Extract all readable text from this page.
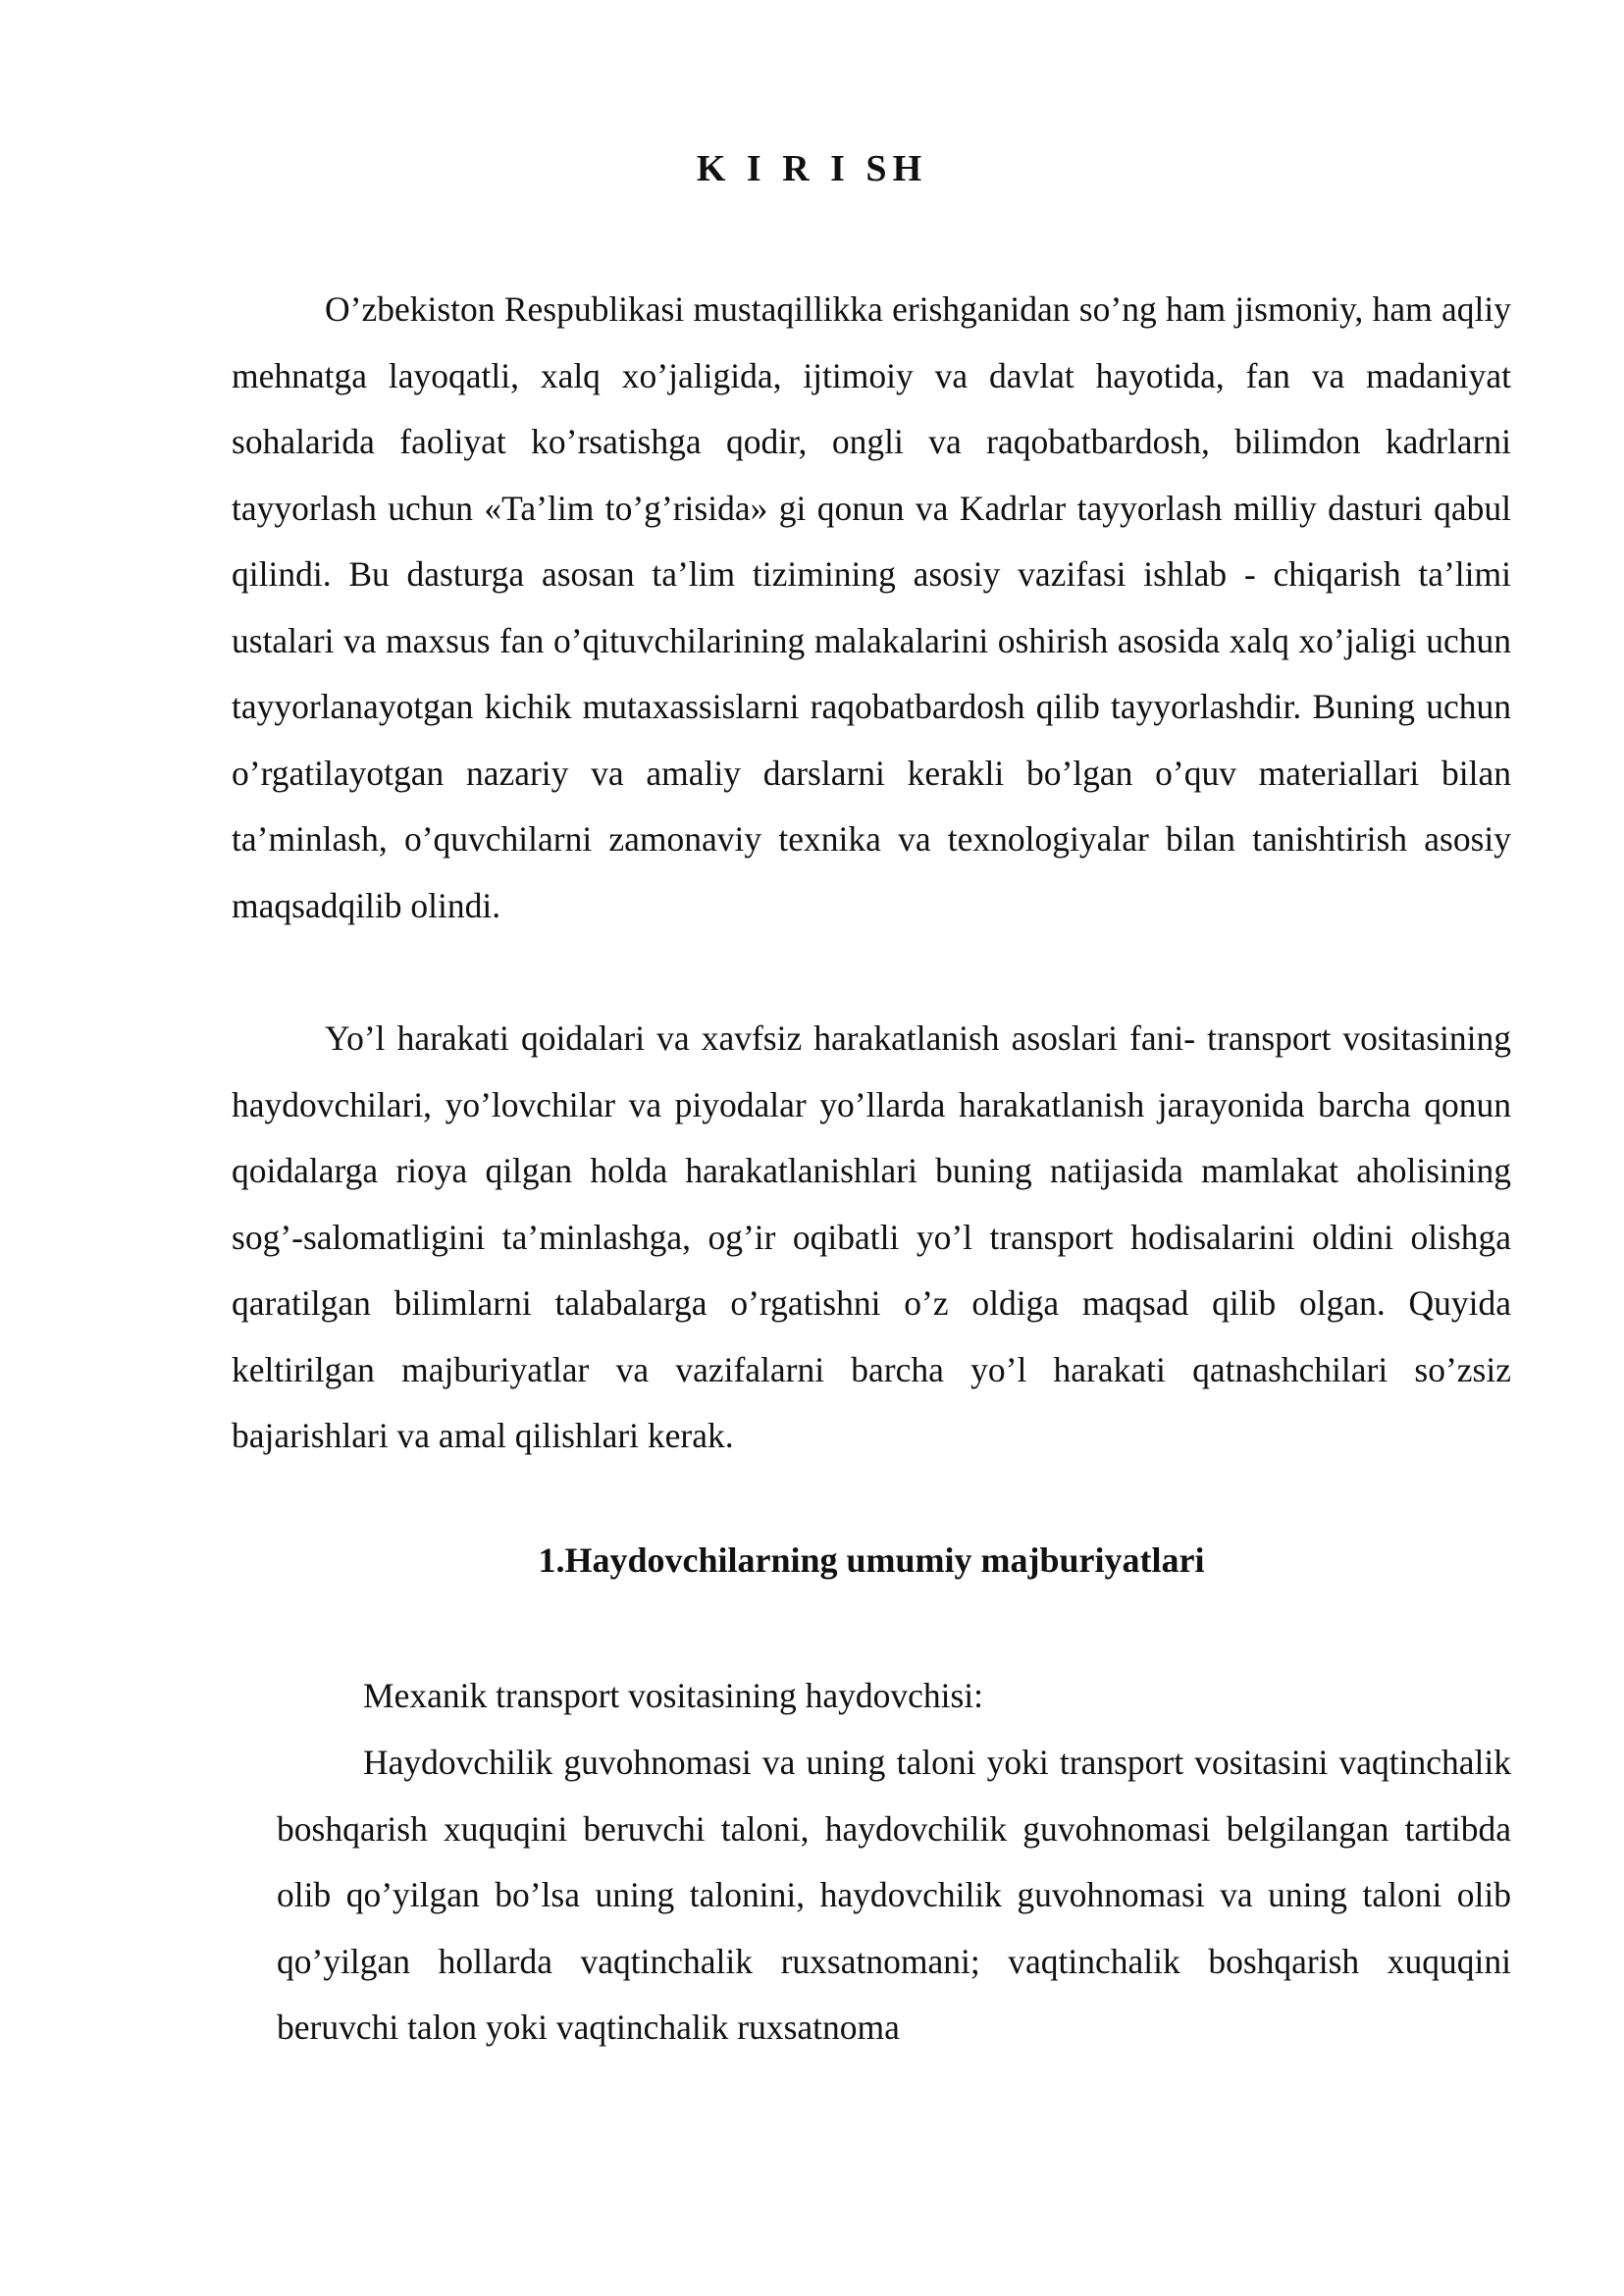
K I R I SH

O’zbekiston Respublikasi mustaqillikka erishganidan so’ng ham jismoniy, ham aqliy mehnatga layoqatli, xalq xo’jaligida, ijtimoiy va davlat hayotida, fan va madaniyat sohalarida faoliyat ko’rsatishga qodir, ongli va raqobatbardosh, bilimdon kadrlarni tayyorlash uchun «Ta’lim to’g’risida» gi qonun va Kadrlar tayyorlash milliy dasturi qabul qilindi. Bu dasturga asosan ta’lim tizimining asosiy vazifasi ishlab - chiqarish ta’limi ustalari va maxsus fan o’qituvchilarining malakalarini oshirish asosida xalq xo’jaligi uchun tayyorlanayotgan kichik mutaxassislarni raqobatbardosh qilib tayyorlashdir. Buning uchun o’rgatilayotgan nazariy va amaliy darslarni kerakli bo’lgan o’quv materiallari bilan ta’minlash, o’quvchilarni zamonaviy texnika va texnologiyalar bilan tanishtirish asosiy maqsadqilib olindi.

Yo’l harakati qoidalari va xavfsiz harakatlanish asoslari fani- transport vositasining haydovchilari, yo’lovchilar va piyodalar yo’llarda harakatlanish jarayonida barcha qonun qoidalarga rioya qilgan holda harakatlanishlari buning natijasida mamlakat aholisining sog’-salomatligini ta’minlashga, og’ir oqibatli yo’l transport hodisalarini oldini olishga qaratilgan bilimlarni talabalarga o’rgatishni o’z oldiga maqsad qilib olgan. Quyida keltirilgan majburiyatlar va vazifalarni barcha yo’l harakati qatnashchilari so’zsiz bajarishlari va amal qilishlari kerak.

1.Haydovchilarning umumiy majburiyatlari
Mexanik transport vositasining haydovchisi:

Haydovchilik guvohnomasi va uning taloni yoki transport vositasini vaqtinchalik boshqarish xuquqini beruvchi taloni, haydovchilik guvohnomasi belgilangan tartibda olib qo’yilgan bo’lsa uning talonini, haydovchilik guvohnomasi va uning taloni olib qo’yilgan hollarda vaqtinchalik ruxsatnomani; vaqtinchalik boshqarish xuquqini beruvchi talon yoki vaqtinchalik ruxsatnoma
